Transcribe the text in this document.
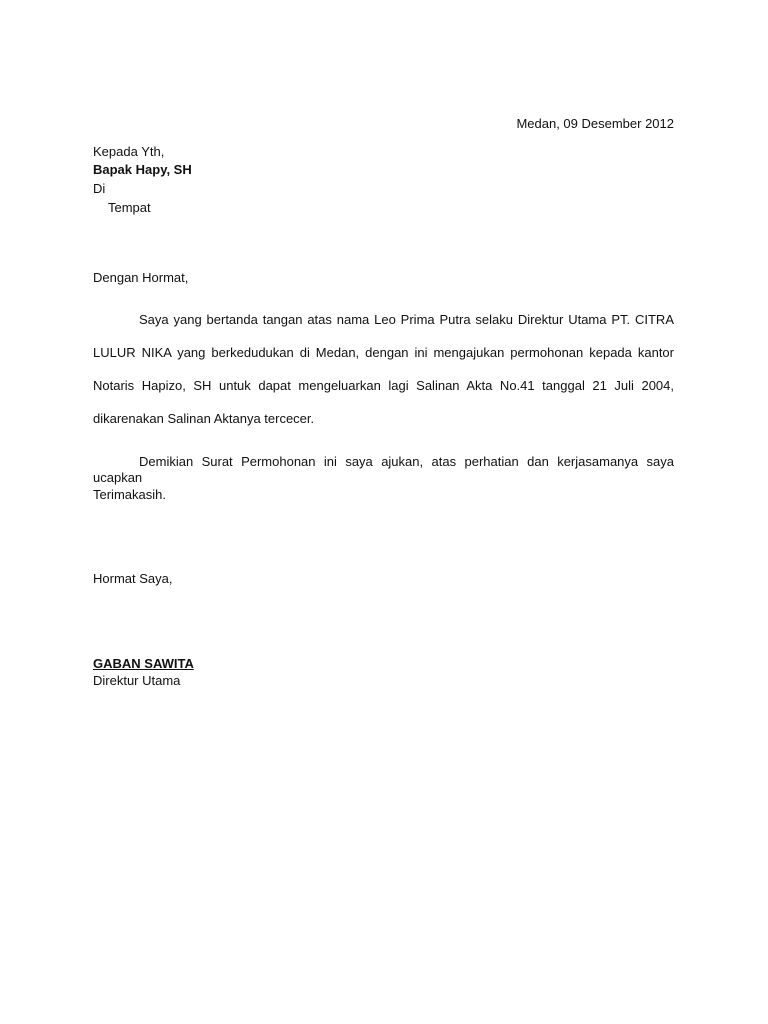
Medan, 09 Desember 2012
Kepada Yth,
Bapak Hapy, SH
Di
Tempat
Dengan Hormat,
Saya yang bertanda tangan atas nama Leo Prima Putra selaku Direktur Utama PT. CITRA
LULUR NIKA yang berkedudukan di Medan, dengan ini mengajukan permohonan kepada kantor
Notaris Hapizo, SH untuk dapat mengeluarkan lagi Salinan Akta No.41 tanggal 21 Juli 2004,
dikarenakan Salinan Aktanya tercecer.
Demikian Surat Permohonan ini saya ajukan, atas perhatian dan kerjasamanya saya ucapkan
Terimakasih.
Hormat Saya,
GABAN SAWITA
Direktur Utama
